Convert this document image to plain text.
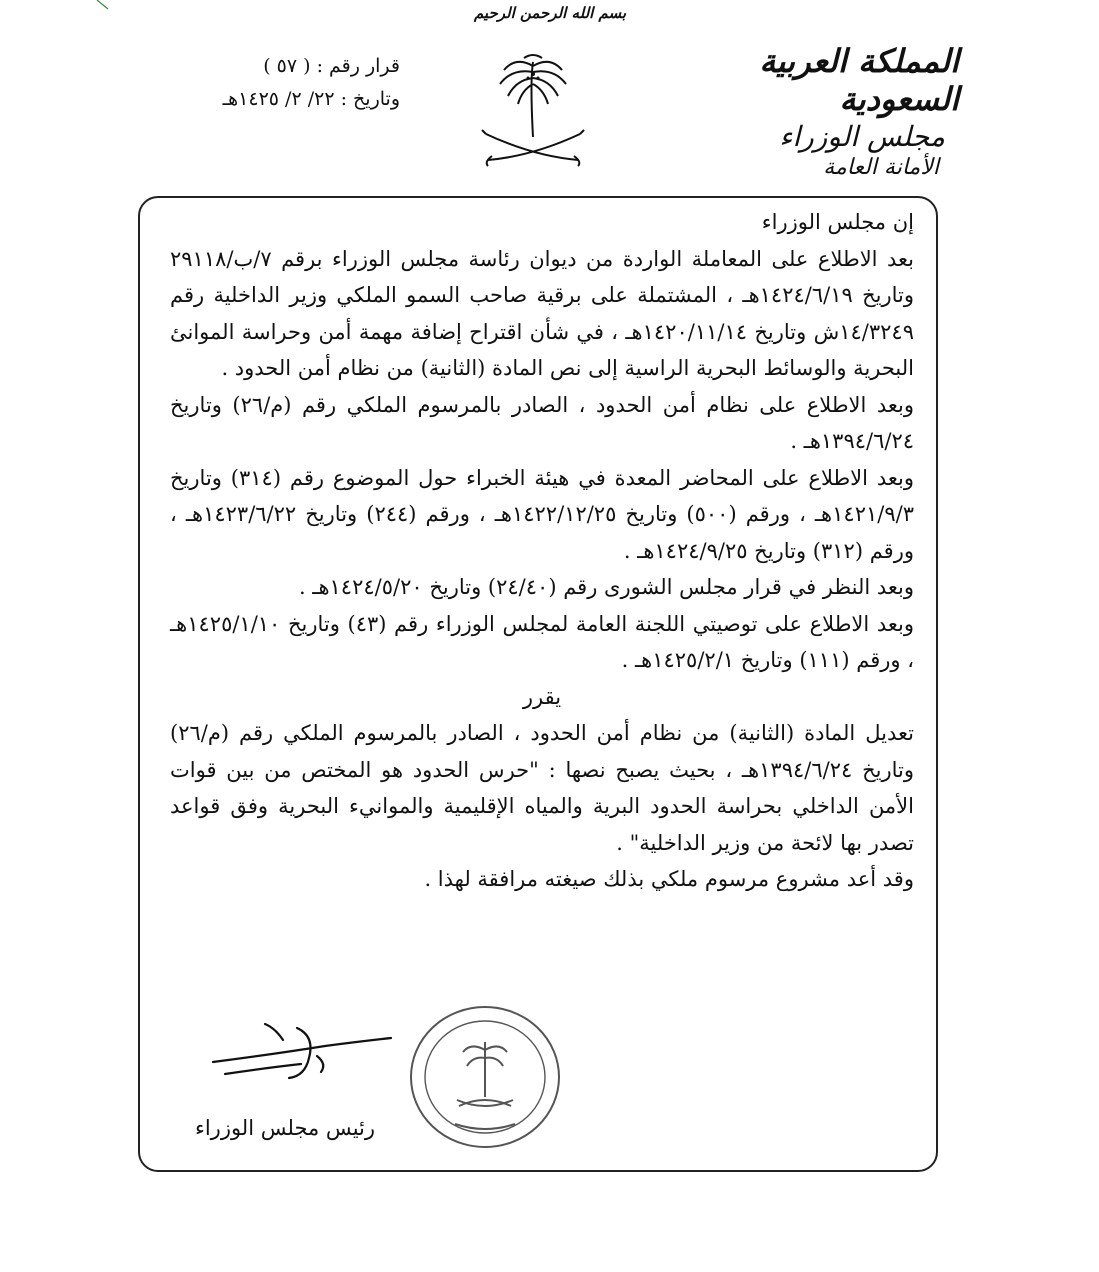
بسم الله الرحمن الرحيم
المملكة العربية السعودية
مجلس الوزراء
الأمانة العامة
قرار رقم : ( ٥٧ )
وتاريخ : ٢٢/ ٢/ ١٤٢٥هـ

إن مجلس الوزراء

بعد الاطلاع على المعاملة الواردة من ديوان رئاسة مجلس الوزراء برقم ٧/ب/٢٩١١٨ وتاريخ ١٤٢٤/٦/١٩هـ ، المشتملة على برقية صاحب السمو الملكي وزير الداخلية رقم ١٤/٣٢٤٩ش وتاريخ ١٤٢٠/١١/١٤هـ ، في شأن اقتراح إضافة مهمة أمن وحراسة الموانئ البحرية والوسائط البحرية الراسية إلى نص المادة (الثانية) من نظام أمن الحدود .

وبعد الاطلاع على نظام أمن الحدود ، الصادر بالمرسوم الملكي رقم (م/٢٦) وتاريخ ١٣٩٤/٦/٢٤هـ .

وبعد الاطلاع على المحاضر المعدة في هيئة الخبراء حول الموضوع رقم (٣١٤) وتاريخ ١٤٢١/٩/٣هـ ، ورقم (٥٠٠) وتاريخ ١٤٢٢/١٢/٢٥هـ ، ورقم (٢٤٤) وتاريخ ١٤٢٣/٦/٢٢هـ ، ورقم (٣١٢) وتاريخ ١٤٢٤/٩/٢٥هـ .

وبعد النظر في قرار مجلس الشورى رقم (٢٤/٤٠) وتاريخ ١٤٢٤/٥/٢٠هـ .

وبعد الاطلاع على توصيتي اللجنة العامة لمجلس الوزراء رقم (٤٣) وتاريخ ١٤٢٥/١/١٠هـ ، ورقم (١١١) وتاريخ ١٤٢٥/٢/١هـ .

يقرر

تعديل المادة (الثانية) من نظام أمن الحدود ، الصادر بالمرسوم الملكي رقم (م/٢٦) وتاريخ ١٣٩٤/٦/٢٤هـ ، بحيث يصبح نصها : "حرس الحدود هو المختص من بين قوات الأمن الداخلي بحراسة الحدود البرية والمياه الإقليمية والموانيء البحرية وفق قواعد تصدر بها لائحة من وزير الداخلية" .

وقد أعد مشروع مرسوم ملكي بذلك صيغته مرافقة لهذا .

رئيس مجلس الوزراء
